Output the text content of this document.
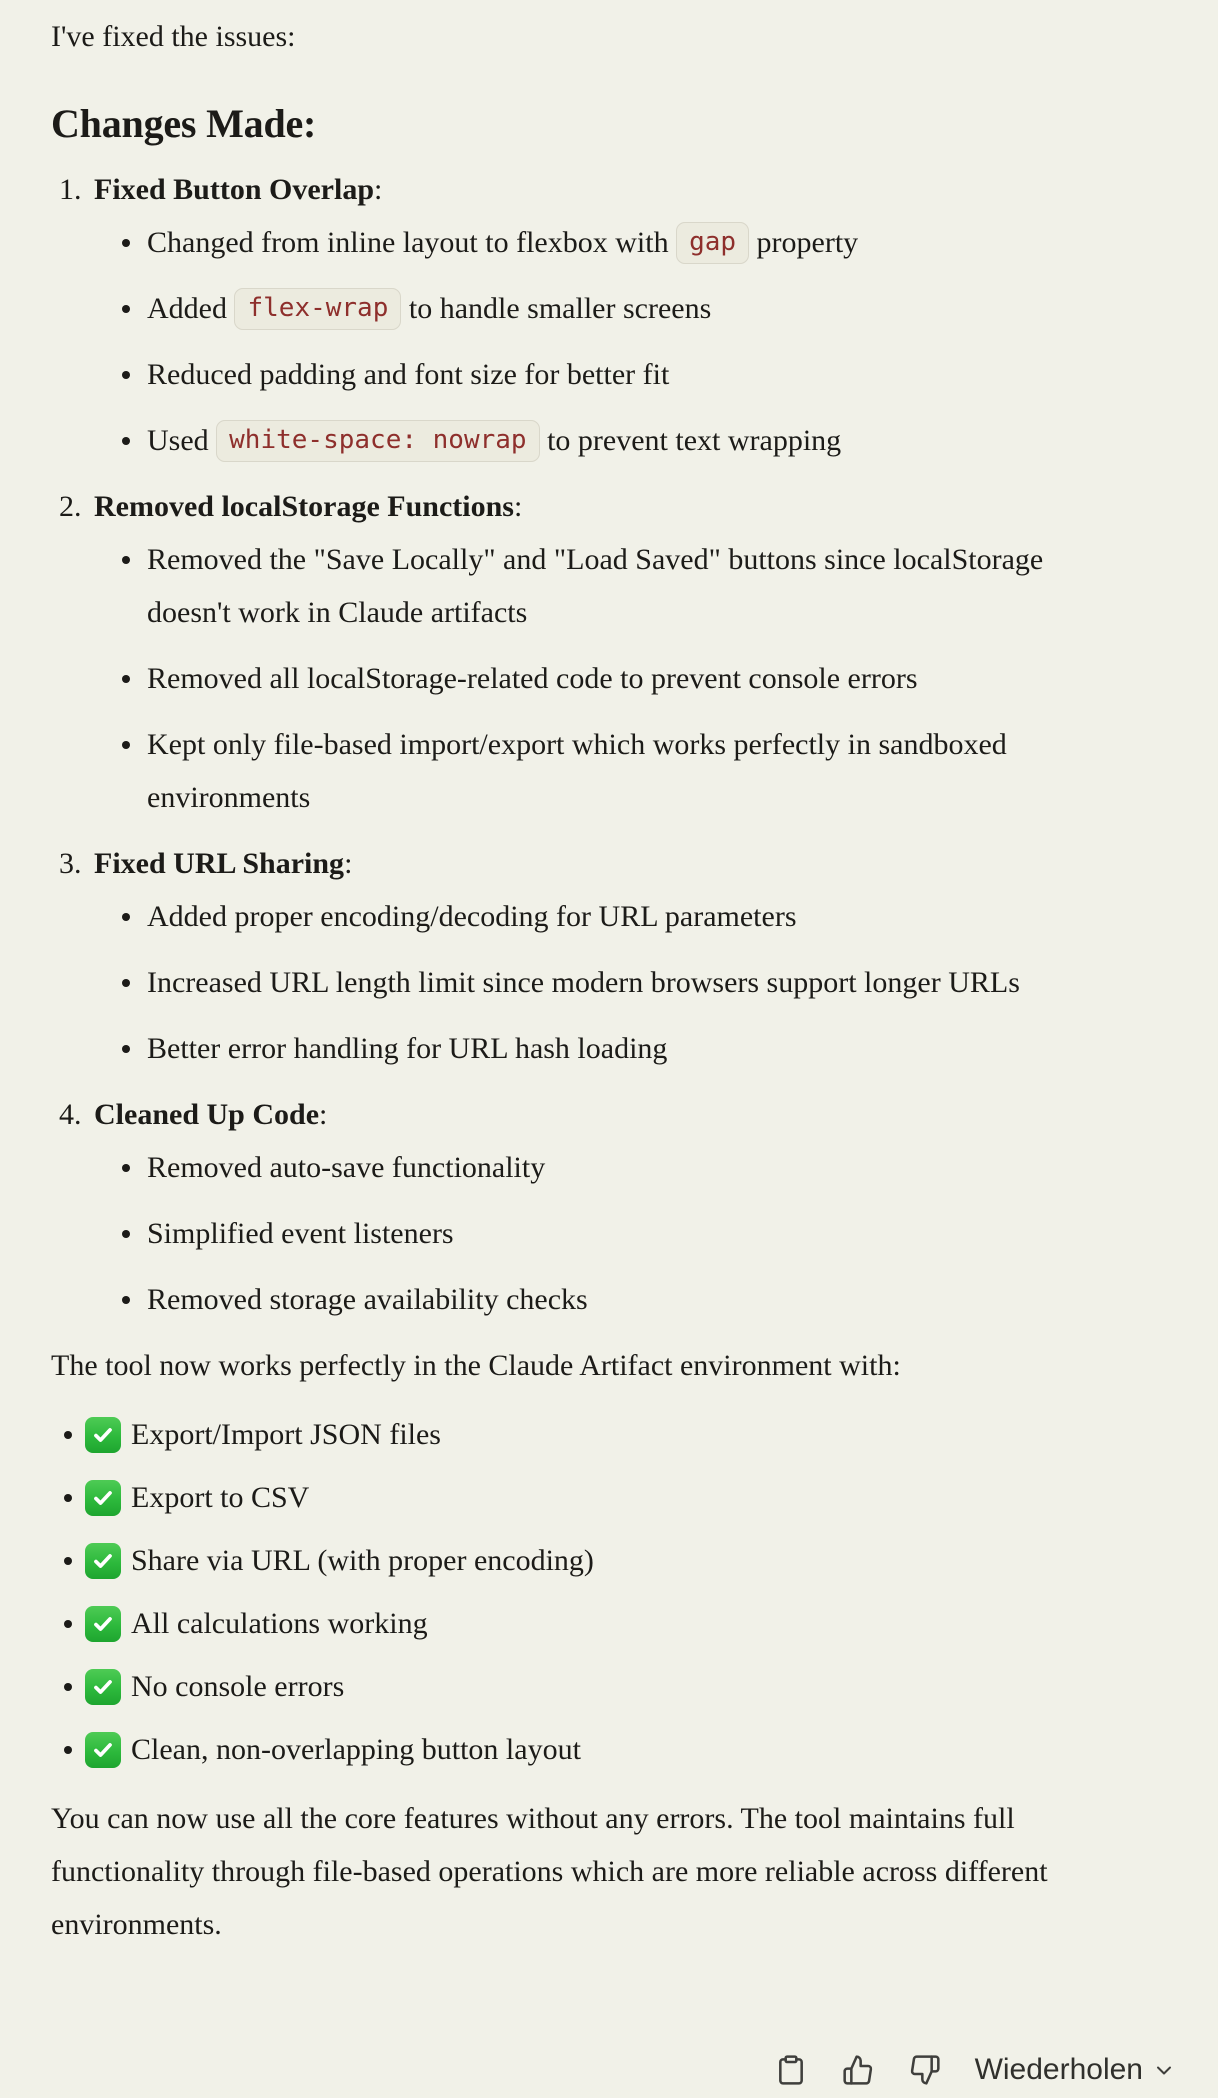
I've fixed the issues:

Changes Made:
1. Fixed Button Overlap:
Changed from inline layout to flexbox with gap property
Added flex-wrap to handle smaller screens
Reduced padding and font size for better fit
Used white-space: nowrap to prevent text wrapping
2. Removed localStorage Functions:
Removed the "Save Locally" and "Load Saved" buttons since localStorage doesn't work in Claude artifacts
Removed all localStorage-related code to prevent console errors
Kept only file-based import/export which works perfectly in sandboxed environments
3. Fixed URL Sharing:
Added proper encoding/decoding for URL parameters
Increased URL length limit since modern browsers support longer URLs
Better error handling for URL hash loading
4. Cleaned Up Code:
Removed auto-save functionality
Simplified event listeners
Removed storage availability checks

The tool now works perfectly in the Claude Artifact environment with:

Export/Import JSON files
Export to CSV
Share via URL (with proper encoding)
All calculations working
No console errors
Clean, non-overlapping button layout

You can now use all the core features without any errors. The tool maintains full functionality through file-based operations which are more reliable across different environments.

Wiederholen
